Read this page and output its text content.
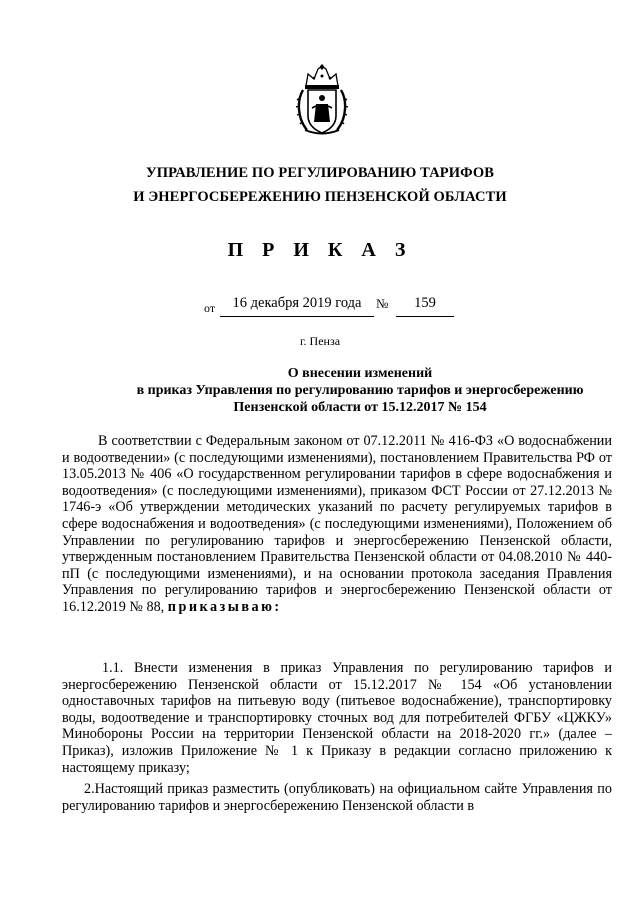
УПРАВЛЕНИЕ ПО РЕГУЛИРОВАНИЮ ТАРИФОВ
И ЭНЕРГОСБЕРЕЖЕНИЮ ПЕНЗЕНСКОЙ ОБЛАСТИ
П Р И К А З
от	16 декабря 2019 года	№	159
г. Пенза
О внесении изменений
в приказ Управления по регулированию тарифов и энергосбережению
Пензенской области от 15.12.2017 № 154

В соответствии с Федеральным законом от 07.12.2011 № 416-ФЗ «О водоснабжении и водоотведении» (с последующими изменениями), постановлением Правительства РФ от 13.05.2013 № 406 «О государственном регулировании тарифов в сфере водоснабжения и водоотведения» (с последующими изменениями), приказом ФСТ России от 27.12.2013 № 1746-э «Об утверждении методических указаний по расчету регулируемых тарифов в сфере водоснабжения и водоотведения» (с последующими изменениями), Положением об Управлении по регулированию тарифов и энергосбережению Пензенской области, утвержденным постановлением Правительства Пензенской области от 04.08.2010 № 440-пП (с последующими изменениями), и на основании протокола заседания Правления Управления по регулированию тарифов и энергосбережению Пензенской области от 16.12.2019 № 88, приказываю:

1.1. Внести изменения в приказ Управления по регулированию тарифов и энергосбережению Пензенской области от 15.12.2017 № 154 «Об установлении одноставочных тарифов на питьевую воду (питьевое водоснабжение), транспортировку воды, водоотведение и транспортировку сточных вод для потребителей ФГБУ «ЦЖКУ» Минобороны России на территории Пензенской области на 2018-2020 гг.» (далее – Приказ), изложив Приложение № 1 к Приказу в редакции согласно приложению к настоящему приказу;

2.Настоящий приказ разместить (опубликовать) на официальном сайте Управления по регулированию тарифов и энергосбережению Пензенской области в
